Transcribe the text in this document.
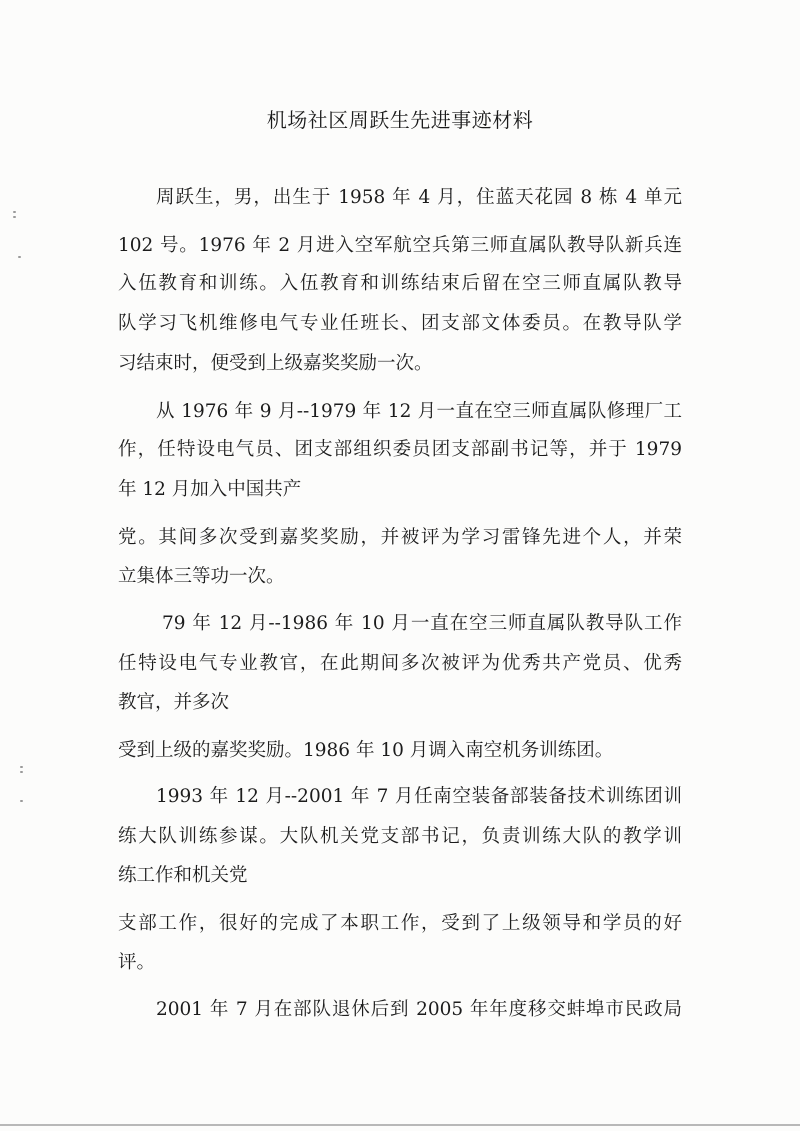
机场社区周跃生先进事迹材料
周跃生，男，出生于 1958 年 4 月，住蓝天花园 8 栋 4 单元
102 号。1976 年 2 月进入空军航空兵第三师直属队教导队新兵连
入伍教育和训练。入伍教育和训练结束后留在空三师直属队教导
队学习飞机维修电气专业任班长、团支部文体委员。在教导队学
习结束时，便受到上级嘉奖奖励一次。
从 1976 年 9 月--1979 年 12 月一直在空三师直属队修理厂工
作，任特设电气员、团支部组织委员团支部副书记等，并于 1979
年 12 月加入中国共产
党。其间多次受到嘉奖奖励，并被评为学习雷锋先进个人，并荣
立集体三等功一次。
79 年 12 月--1986 年 10 月一直在空三师直属队教导队工作
任特设电气专业教官，在此期间多次被评为优秀共产党员、优秀
教官，并多次
受到上级的嘉奖奖励。1986 年 10 月调入南空机务训练团。
1993 年 12 月--2001 年 7 月任南空装备部装备技术训练团训
练大队训练参谋。大队机关党支部书记，负责训练大队的教学训
练工作和机关党
支部工作，很好的完成了本职工作，受到了上级领导和学员的好
评。
2001 年 7 月在部队退休后到 2005 年年度移交蚌埠市民政局
